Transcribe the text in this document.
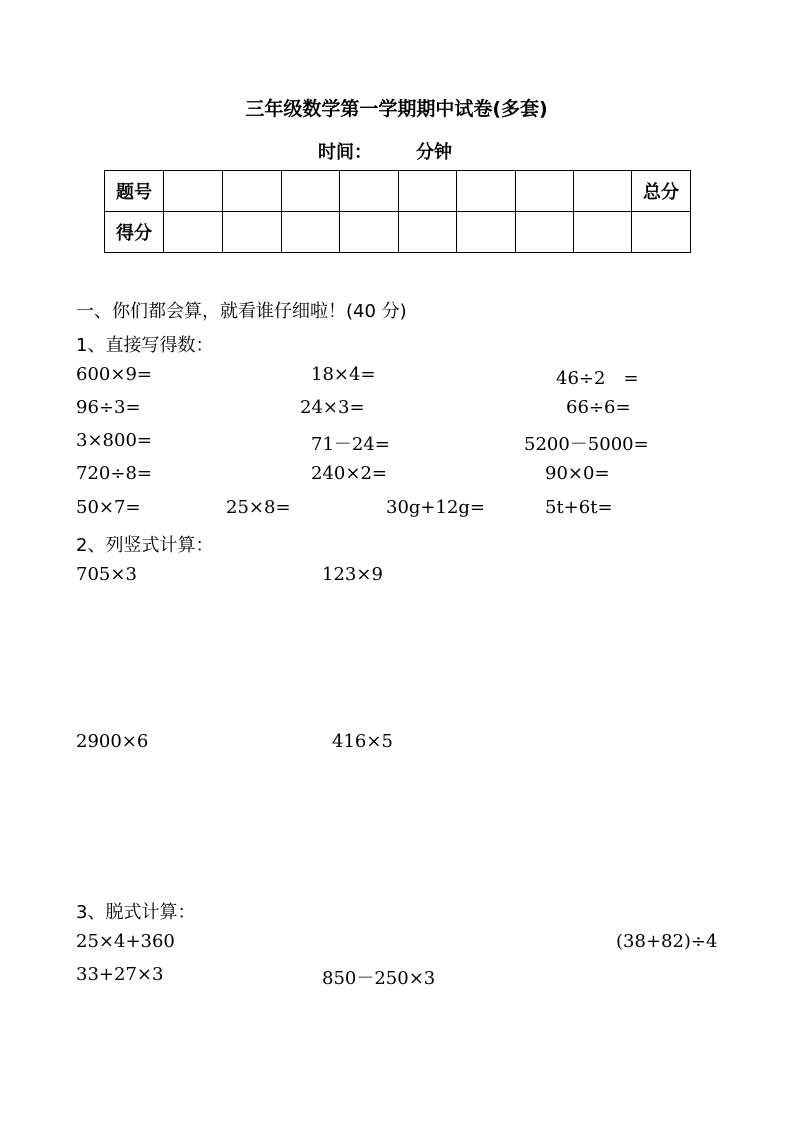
三年级数学第一学期期中试卷(多套)
时间： 分钟
题号									总分
得分									
一、你们都会算，就看谁仔细啦！(40 分)
1、直接写得数：
600×9=	18×4=	46÷2　=
96÷3=	24×3=	66÷6=
3×800=	71－24=	5200－5000=
720÷8=	240×2=	90×0=
50×7=	25×8=	30g+12g=	5t+6t=
2、列竖式计算：
705×3	123×9
2900×6	416×5
3、脱式计算：
25×4+360	(38+82)÷4
33+27×3	850－250×3
